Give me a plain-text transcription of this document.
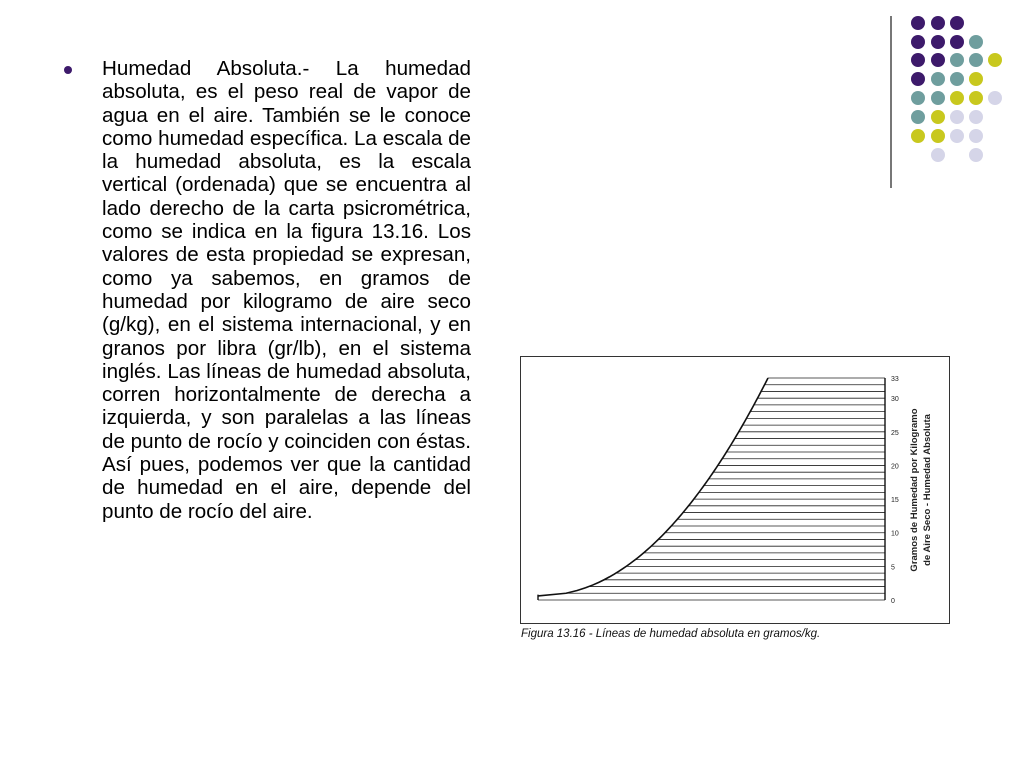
Humedad Absoluta.- La humedad absoluta, es el peso real de vapor de agua en el aire. También se le conoce como humedad específica. La escala de la humedad absoluta, es la escala vertical (ordenada) que se encuentra al lado derecho de la carta psicrométrica, como se indica en la figura 13.16. Los valores de esta propiedad se expresan, como ya sabemos, en gramos de humedad por kilogramo de aire seco (g/kg), en el sistema internacional, y en granos por libra (gr/lb), en el sistema inglés. Las líneas de humedad absoluta, corren horizontalmente de derecha a izquierda, y son paralelas a las líneas de punto de rocío y coinciden con éstas. Así pues, podemos ver que la cantidad de humedad en el aire, depende del punto de rocío del aire.

0
5
10
15
20
25
30
33
Gramos de Humedad por Kilogramo de Aire Seco - Humedad Absoluta
Figura 13.16 - Líneas de humedad absoluta en gramos/kg.
